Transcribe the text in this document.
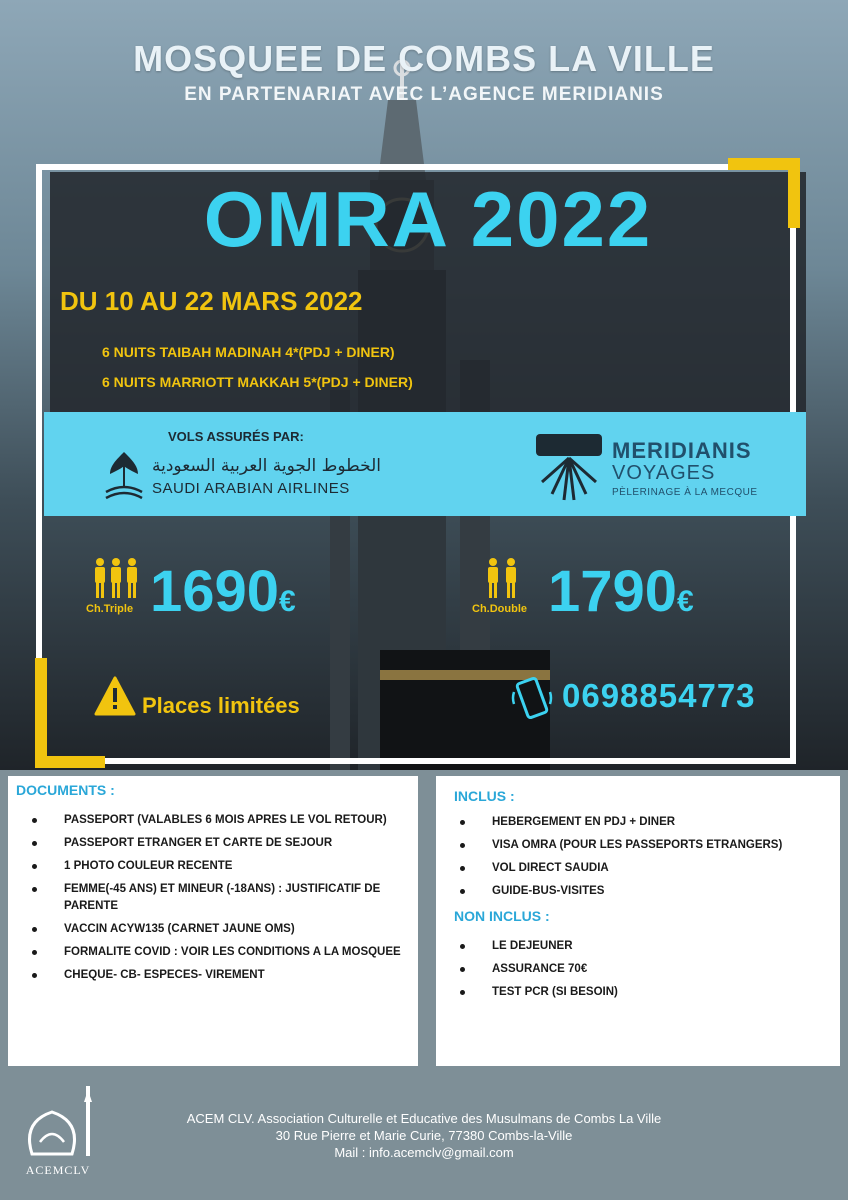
MOSQUEE DE COMBS LA VILLE
EN PARTENARIAT AVEC L’AGENCE MERIDIANIS
OMRA 2022
DU 10 AU 22 MARS 2022
6 NUITS TAIBAH MADINAH 4*(PDJ + DINER)
6 NUITS MARRIOTT MAKKAH 5*(PDJ + DINER)
VOLS ASSURÉS PAR:
الخطوط الجوية العربية السعودية
SAUDI ARABIAN AIRLINES
MERIDIANIS
VOYAGES
PÈLERINAGE À LA MECQUE
Ch.Triple 1690€	Ch.Double 1790€
Places limitées	0698854773
DOCUMENTS :
PASSEPORT (VALABLES 6 MOIS APRES LE VOL RETOUR)
PASSEPORT ETRANGER ET CARTE DE SEJOUR
1 PHOTO COULEUR RECENTE
FEMME(-45 ANS) ET MINEUR (-18ANS) : JUSTIFICATIF DE PARENTE
VACCIN ACYW135 (CARNET JAUNE OMS)
FORMALITE COVID : VOIR LES CONDITIONS A LA MOSQUEE
CHEQUE- CB- ESPECES- VIREMENT
INCLUS :
HEBERGEMENT EN PDJ + DINER
VISA OMRA (POUR LES PASSEPORTS ETRANGERS)
VOL DIRECT SAUDIA
GUIDE-BUS-VISITES
NON INCLUS :
LE DEJEUNER
ASSURANCE 70€
TEST PCR (SI BESOIN)
ACEMCLV
ACEM CLV. Association Culturelle et Educative des Musulmans de Combs La Ville
30 Rue Pierre et Marie Curie, 77380 Combs-la-Ville
Mail : info.acemclv@gmail.com
